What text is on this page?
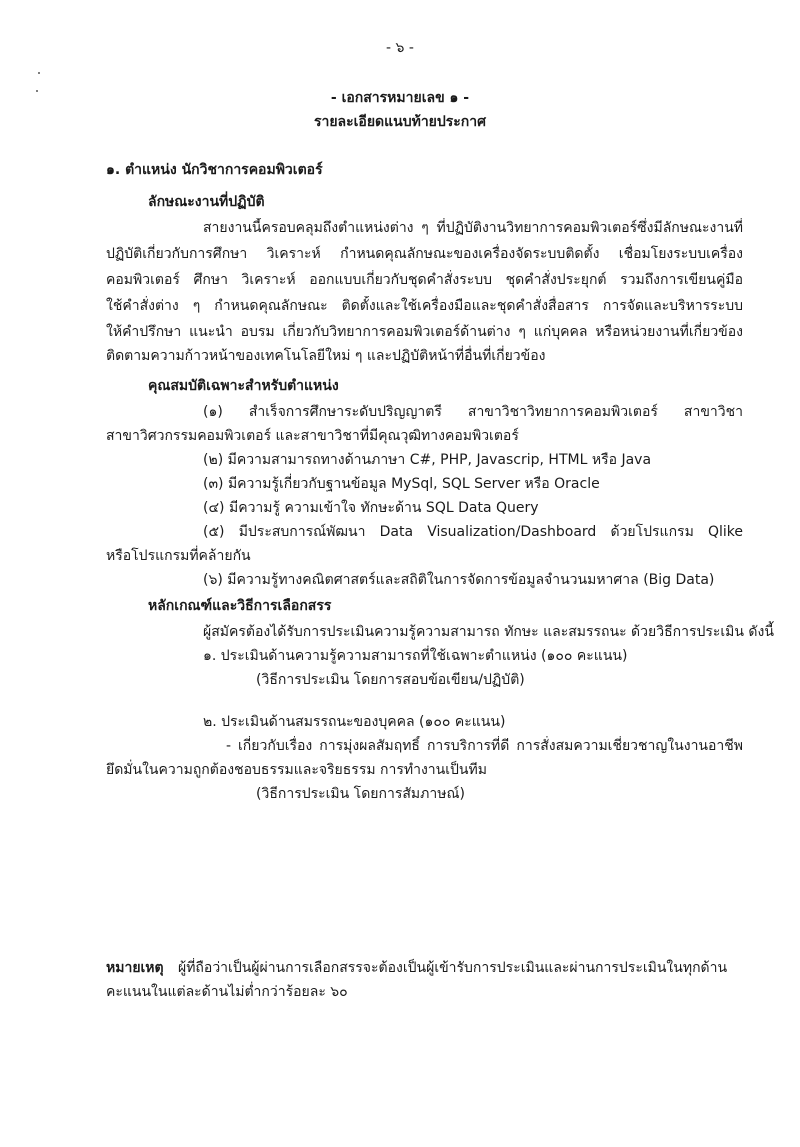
- ๖ -
- เอกสารหมายเลข ๑ -
รายละเอียดแนบท้ายประกาศ
๑. ตำแหน่ง นักวิชาการคอมพิวเตอร์
ลักษณะงานที่ปฏิบัติ
สายงานนี้ครอบคลุมถึงตำแหน่งต่าง ๆ ที่ปฏิบัติงานวิทยาการคอมพิวเตอร์ซึ่งมีลักษณะงานที่
ปฏิบัติเกี่ยวกับการศึกษา วิเคราะห์ กำหนดคุณลักษณะของเครื่องจัดระบบติดตั้ง เชื่อมโยงระบบเครื่อง
คอมพิวเตอร์ ศึกษา วิเคราะห์ ออกแบบเกี่ยวกับชุดคำสั่งระบบ ชุดคำสั่งประยุกต์ รวมถึงการเขียนคู่มือ
ใช้คำสั่งต่าง ๆ กำหนดคุณลักษณะ ติดตั้งและใช้เครื่องมือและชุดคำสั่งสื่อสาร การจัดและบริหารระบบ
ให้คำปรึกษา แนะนำ อบรม เกี่ยวกับวิทยาการคอมพิวเตอร์ด้านต่าง ๆ แก่บุคคล หรือหน่วยงานที่เกี่ยวข้อง
ติดตามความก้าวหน้าของเทคโนโลยีใหม่ ๆ และปฏิบัติหน้าที่อื่นที่เกี่ยวข้อง
คุณสมบัติเฉพาะสำหรับตำแหน่ง
(๑) สำเร็จการศึกษาระดับปริญญาตรี สาขาวิชาวิทยาการคอมพิวเตอร์ สาขาวิชา
สาขาวิศวกรรมคอมพิวเตอร์ และสาขาวิชาที่มีคุณวุฒิทางคอมพิวเตอร์
(๒) มีความสามารถทางด้านภาษา C#, PHP, Javascrip, HTML หรือ Java
(๓) มีความรู้เกี่ยวกับฐานข้อมูล MySql, SQL Server หรือ Oracle
(๔) มีความรู้ ความเข้าใจ ทักษะด้าน SQL Data Query
(๕) มีประสบการณ์พัฒนา Data Visualization/Dashboard ด้วยโปรแกรม Qlike
หรือโปรแกรมที่คล้ายกัน
(๖) มีความรู้ทางคณิตศาสตร์และสถิติในการจัดการข้อมูลจำนวนมหาศาล (Big Data)
หลักเกณฑ์และวิธีการเลือกสรร
ผู้สมัครต้องได้รับการประเมินความรู้ความสามารถ ทักษะ และสมรรถนะ ด้วยวิธีการประเมิน ดังนี้
๑. ประเมินด้านความรู้ความสามารถที่ใช้เฉพาะตำแหน่ง (๑๐๐ คะแนน)
(วิธีการประเมิน โดยการสอบข้อเขียน/ปฏิบัติ)
๒. ประเมินด้านสมรรถนะของบุคคล (๑๐๐ คะแนน)
- เกี่ยวกับเรื่อง การมุ่งผลสัมฤทธิ์ การบริการที่ดี การสั่งสมความเชี่ยวชาญในงานอาชีพ
ยึดมั่นในความถูกต้องชอบธรรมและจริยธรรม การทำงานเป็นทีม
(วิธีการประเมิน โดยการสัมภาษณ์)
หมายเหตุ ผู้ที่ถือว่าเป็นผู้ผ่านการเลือกสรรจะต้องเป็นผู้เข้ารับการประเมินและผ่านการประเมินในทุกด้าน
คะแนนในแต่ละด้านไม่ต่ำกว่าร้อยละ ๖๐
